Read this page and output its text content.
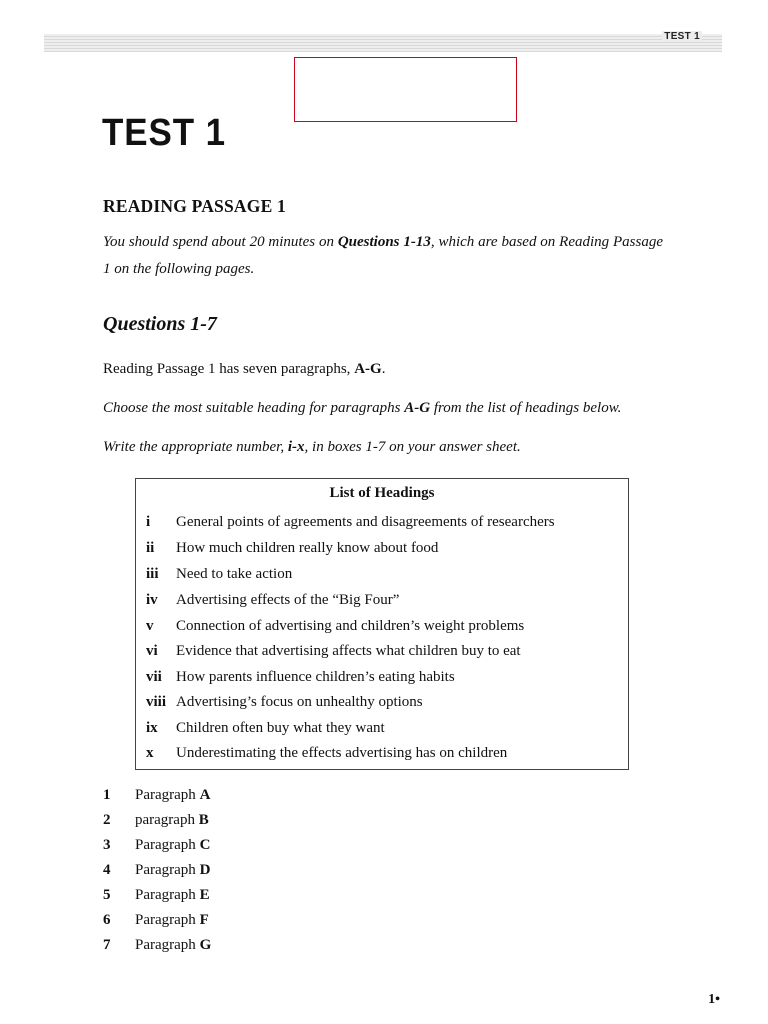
TEST 1
TEST 1
READING PASSAGE 1
You should spend about 20 minutes on Questions 1-13, which are based on Reading Passage 1 on the following pages.
Questions 1-7
Reading Passage 1 has seven paragraphs, A-G.
Choose the most suitable heading for paragraphs A-G from the list of headings below.
Write the appropriate number, i-x, in boxes 1-7 on your answer sheet.
List of Headings
i General points of agreements and disagreements of researchers
ii How much children really know about food
iii Need to take action
iv Advertising effects of the “Big Four”
v Connection of advertising and children’s weight problems
vi Evidence that advertising affects what children buy to eat
vii How parents influence children’s eating habits
viii Advertising’s focus on unhealthy options
ix Children often buy what they want
x Underestimating the effects advertising has on children
1 Paragraph A
2 paragraph B
3 Paragraph C
4 Paragraph D
5 Paragraph E
6 Paragraph F
7 Paragraph G
1•
